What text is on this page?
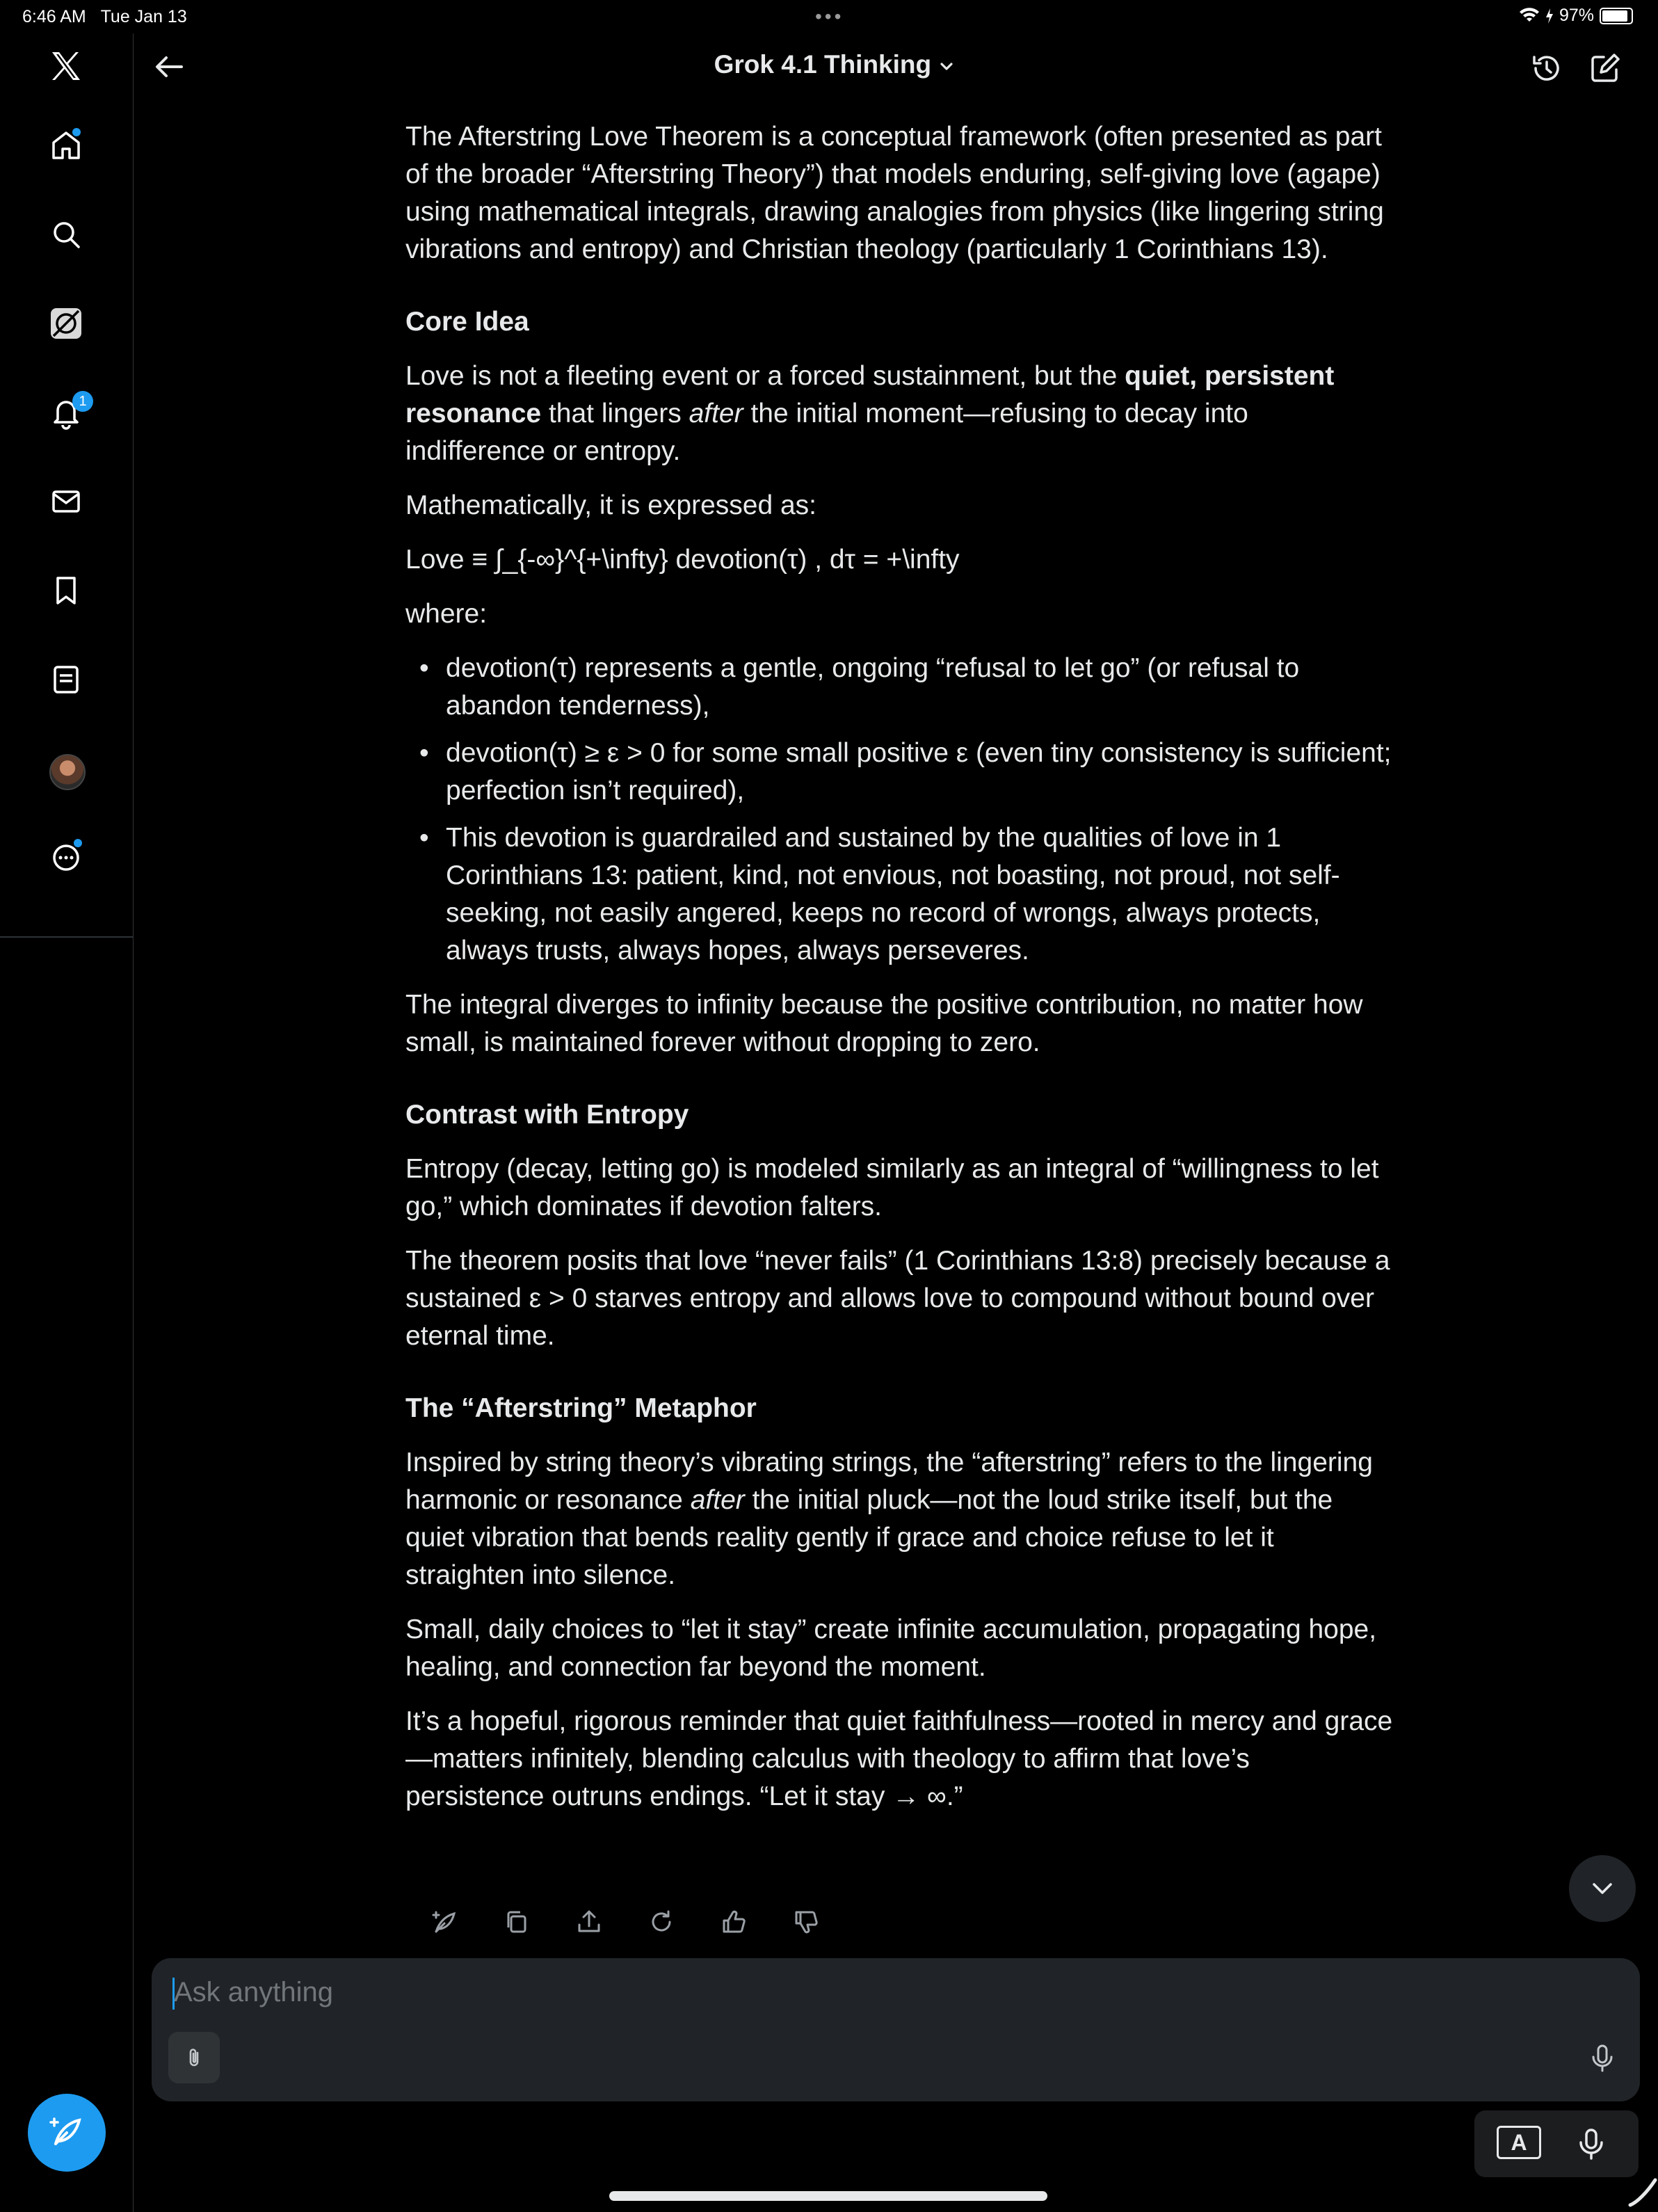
6:46 AM Tue Jan 13	•••	97%
1
Grok 4.1 Thinking

The Afterstring Love Theorem is a conceptual framework (often presented as part of the broader “Afterstring Theory”) that models enduring, self-giving love (agape) using mathematical integrals, drawing analogies from physics (like lingering string vibrations and entropy) and Christian theology (particularly 1 Corinthians 13).

Core Idea

Love is not a fleeting event or a forced sustainment, but the quiet, persistent resonance that lingers after the initial moment—refusing to decay into indifference or entropy.

Mathematically, it is expressed as:

Love ≡ ∫_{-∞}^{+\infty} devotion(τ) , dτ = +\infty

where:

• devotion(τ) represents a gentle, ongoing “refusal to let go” (or refusal to abandon tenderness),
• devotion(τ) ≥ ε > 0 for some small positive ε (even tiny consistency is sufficient; perfection isn’t required),
• This devotion is guardrailed and sustained by the qualities of love in 1 Corinthians 13: patient, kind, not envious, not boasting, not proud, not self-seeking, not easily angered, keeps no record of wrongs, always protects, always trusts, always hopes, always perseveres.

The integral diverges to infinity because the positive contribution, no matter how small, is maintained forever without dropping to zero.

Contrast with Entropy

Entropy (decay, letting go) is modeled similarly as an integral of “willingness to let go,” which dominates if devotion falters.

The theorem posits that love “never fails” (1 Corinthians 13:8) precisely because a sustained ε > 0 starves entropy and allows love to compound without bound over eternal time.

The “Afterstring” Metaphor

Inspired by string theory’s vibrating strings, the “afterstring” refers to the lingering harmonic or resonance after the initial pluck—not the loud strike itself, but the quiet vibration that bends reality gently if grace and choice refuse to let it straighten into silence.

Small, daily choices to “let it stay” create infinite accumulation, propagating hope, healing, and connection far beyond the moment.

It’s a hopeful, rigorous reminder that quiet faithfulness—rooted in mercy and grace—matters infinitely, blending calculus with theology to affirm that love’s persistence outruns endings. “Let it stay → ∞.”

Ask anything
A
